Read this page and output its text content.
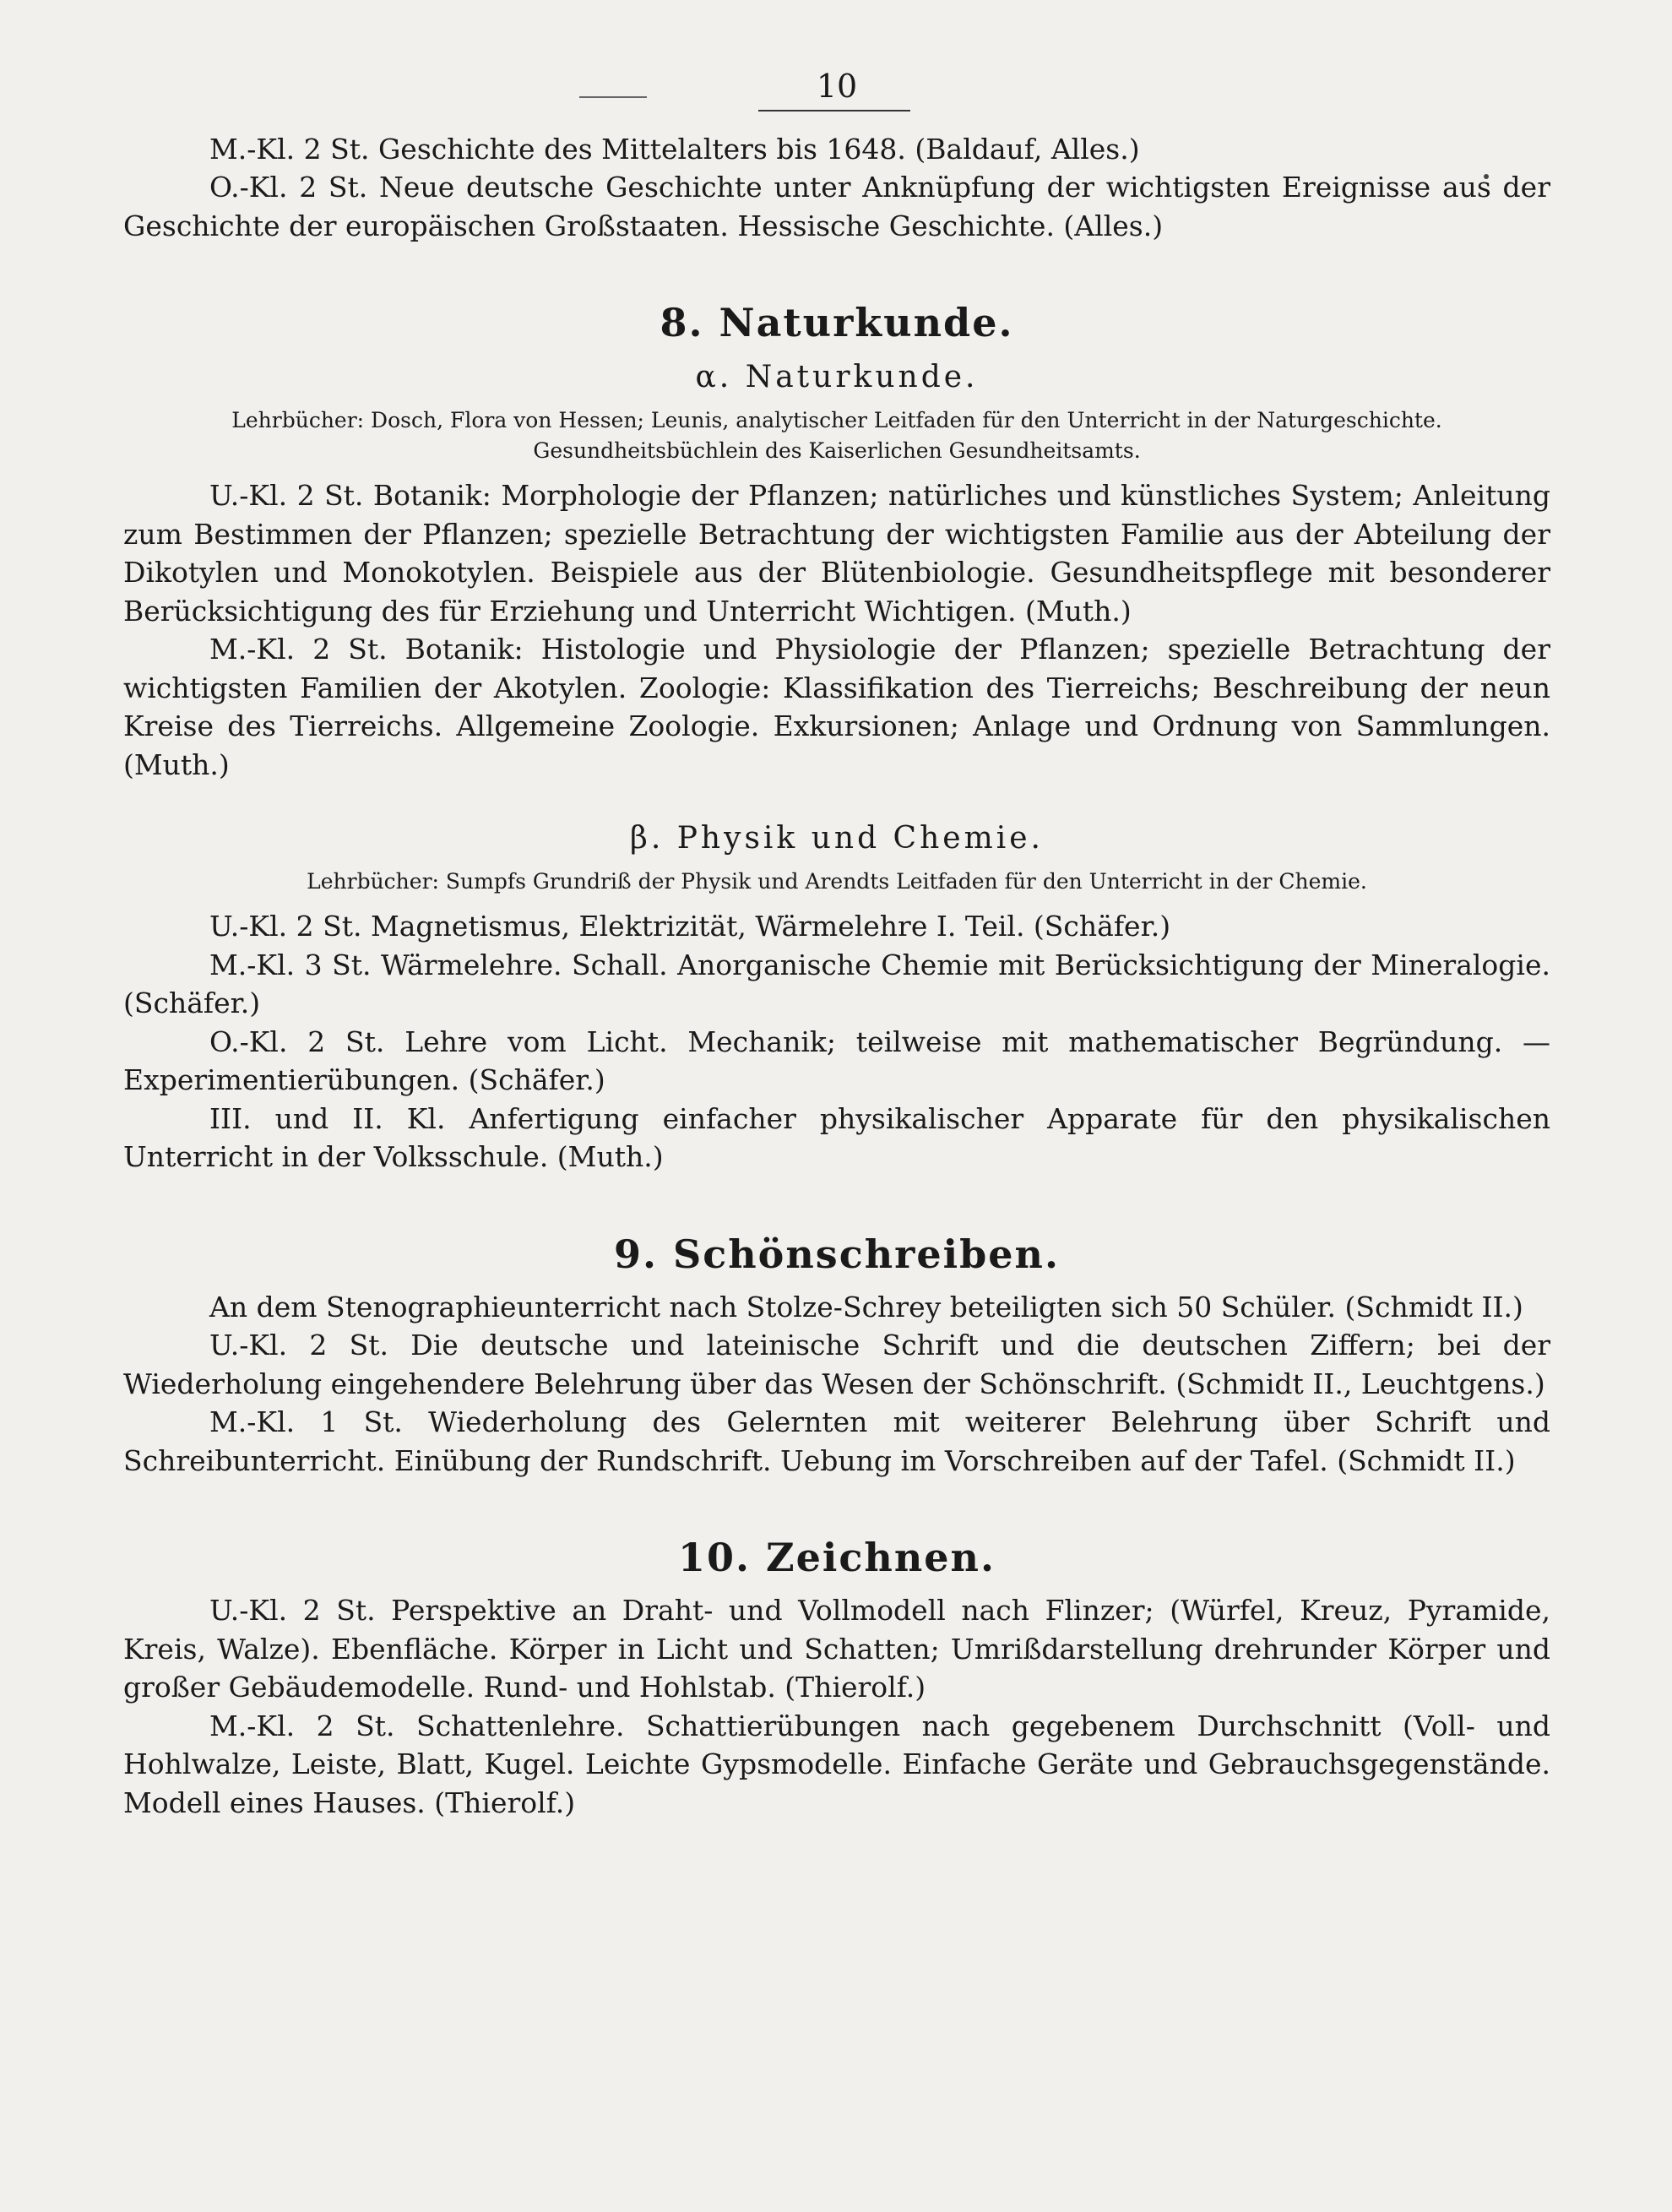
10

M.-Kl. 2 St. Geschichte des Mittelalters bis 1648. (Baldauf, Alles.)

O.-Kl. 2 St. Neue deutsche Geschichte unter Anknüpfung der wichtigsten Ereignisse aus der Geschichte der europäischen Großstaaten. Hessische Geschichte. (Alles.)

8. Naturkunde.
α. Naturkunde.

Lehrbücher: Dosch, Flora von Hessen; Leunis, analytischer Leitfaden für den Unterricht in der Naturgeschichte. Gesundheitsbüchlein des Kaiserlichen Gesundheitsamts.

U.-Kl. 2 St. Botanik: Morphologie der Pflanzen; natürliches und künstliches System; Anleitung zum Bestimmen der Pflanzen; spezielle Betrachtung der wichtigsten Familie aus der Abteilung der Dikotylen und Monokotylen. Beispiele aus der Blütenbiologie. Gesundheitspflege mit besonderer Berücksichtigung des für Erziehung und Unterricht Wichtigen. (Muth.)

M.-Kl. 2 St. Botanik: Histologie und Physiologie der Pflanzen; spezielle Betrachtung der wichtigsten Familien der Akotylen. Zoologie: Klassifikation des Tierreichs; Beschreibung der neun Kreise des Tierreichs. Allgemeine Zoologie. Exkursionen; Anlage und Ordnung von Sammlungen. (Muth.)

β. Physik und Chemie.

Lehrbücher: Sumpfs Grundriß der Physik und Arendts Leitfaden für den Unterricht in der Chemie.

U.-Kl. 2 St. Magnetismus, Elektrizität, Wärmelehre I. Teil. (Schäfer.)

M.-Kl. 3 St. Wärmelehre. Schall. Anorganische Chemie mit Berücksichtigung der Mineralogie. (Schäfer.)

O.-Kl. 2 St. Lehre vom Licht. Mechanik; teilweise mit mathematischer Begründung. — Experimentierübungen. (Schäfer.)

III. und II. Kl. Anfertigung einfacher physikalischer Apparate für den physikalischen Unterricht in der Volksschule. (Muth.)

9. Schönschreiben.

An dem Stenographieunterricht nach Stolze-Schrey beteiligten sich 50 Schüler. (Schmidt II.)

U.-Kl. 2 St. Die deutsche und lateinische Schrift und die deutschen Ziffern; bei der Wiederholung eingehendere Belehrung über das Wesen der Schönschrift. (Schmidt II., Leuchtgens.)

M.-Kl. 1 St. Wiederholung des Gelernten mit weiterer Belehrung über Schrift und Schreibunterricht. Einübung der Rundschrift. Uebung im Vorschreiben auf der Tafel. (Schmidt II.)

10. Zeichnen.

U.-Kl. 2 St. Perspektive an Draht- und Vollmodell nach Flinzer; (Würfel, Kreuz, Pyramide, Kreis, Walze). Ebenfläche. Körper in Licht und Schatten; Umrißdarstellung drehrunder Körper und großer Gebäudemodelle. Rund- und Hohlstab. (Thierolf.)

M.-Kl. 2 St. Schattenlehre. Schattierübungen nach gegebenem Durchschnitt (Voll- und Hohlwalze, Leiste, Blatt, Kugel. Leichte Gypsmodelle. Einfache Geräte und Gebrauchsgegenstände. Modell eines Hauses. (Thierolf.)
